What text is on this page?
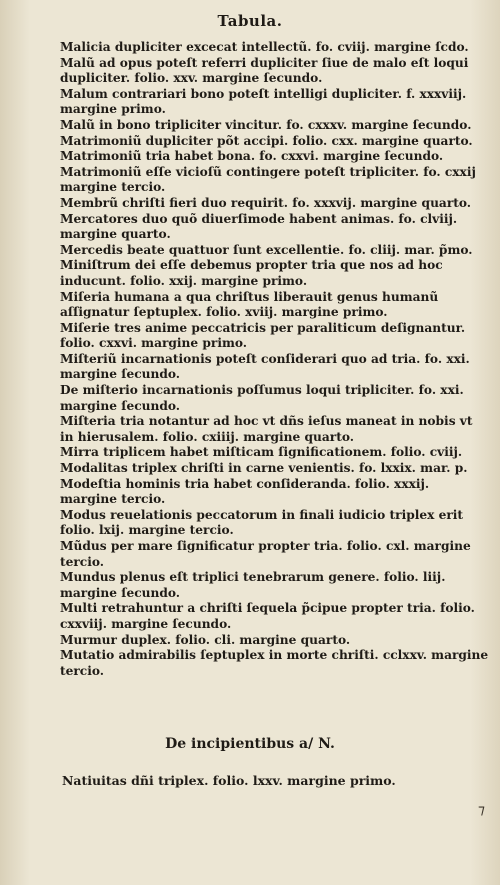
Tabula.
Malicia dupliciter excecat intellectũ. fo. cviij. margine ſcdo.
Malũ ad opus poteſt referri dupliciter ſiue de malo eſt loqui dupliciter. folio. xxv. margine ſecundo.
Malum contrariari bono poteſt intelligi dupliciter. f. xxxviij. margine primo.
Malũ in bono tripliciter vincitur. fo. cxxxv. margine ſecundo.
Matrimoniũ dupliciter põt accipi. folio. cxx. margine quarto.
Matrimoniũ tria habet bona. fo. cxxvi. margine ſecundo.
Matrimoniũ eſſe vicioſũ contingere poteſt tripliciter. fo. cxxij margine tercio.
Membrũ chriſti fieri duo requirit. fo. xxxvij. margine quarto.
Mercatores duo quõ diuerſimode habent animas. fo. clviij. margine quarto.
Mercedis beate quattuor ſunt excellentie. fo. cliij. mar. p̃mo.
Miniſtrum dei eſſe debemus propter tria que nos ad hoc inducunt. folio. xxij. margine primo.
Miſeria humana a qua chriſtus liberauit genus humanũ aſſignatur ſeptuplex. folio. xviij. margine primo.
Miſerie tres anime peccatricis per paraliticum deſignantur. folio. cxxvi. margine primo.
Miſteriũ incarnationis poteſt conſiderari quo ad tria. fo. xxi. margine ſecundo.
De miſterio incarnationis poſſumus loqui tripliciter. fo. xxi. margine ſecundo.
Miſteria tria notantur ad hoc vt dñs ieſus maneat in nobis vt in hierusalem. folio. cxiiij. margine quarto.
Mirra triplicem habet miſticam ſignificationem. folio. cviij.
Modalitas triplex chriſti in carne venientis. fo. lxxix. mar. p.
Modeſtia hominis tria habet conſideranda. folio. xxxij. margine tercio.
Modus reuelationis peccatorum in finali iudicio triplex erit folio. lxij. margine tercio.
Mũdus per mare ſignificatur propter tria. folio. cxl. margine tercio.
Mundus plenus eſt triplici tenebrarum genere. folio. liij. margine ſecundo.
Multi retrahuntur a chriſti ſequela p̃cipue propter tria. folio. cxxviij. margine ſecundo.
Murmur duplex. folio. cli. margine quarto.
Mutatio admirabilis ſeptuplex in morte chriſti. cclxxv. margine tercio.
De incipientibus a/ N.
Natiuitas dñi triplex. folio. lxxv. margine primo.
⁊
